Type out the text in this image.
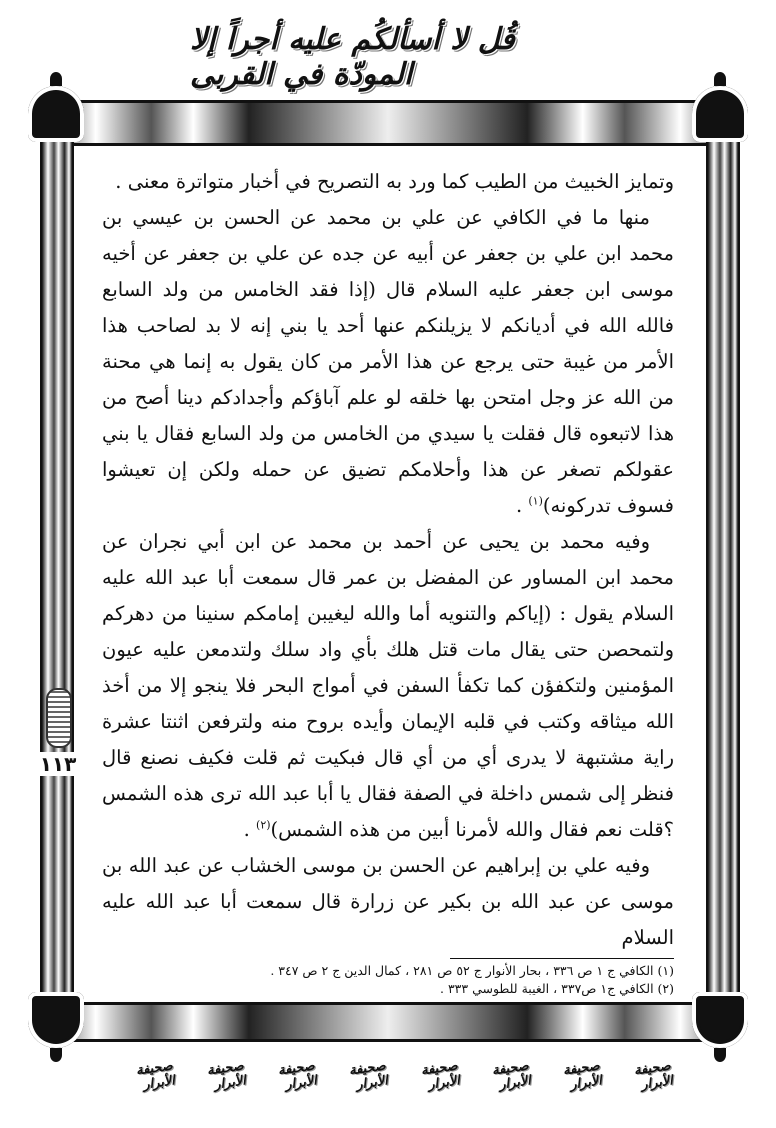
قُل لا أسألكُم عليه أجراً إلا المودّة في القربى
١١٣

وتمايز الخبيث من الطيب كما ورد به التصريح في أخبار متواترة معنى .

منها ما في الكافي عن علي بن محمد عن الحسن بن عيسي بن محمد ابن علي بن جعفر عن أبيه عن جده عن علي بن جعفر عن أخيه موسى ابن جعفر عليه السلام قال (إذا فقد الخامس من ولد السابع فالله الله في أديانكم لا يزيلنكم عنها أحد يا بني إنه لا بد لصاحب هذا الأمر من غيبة حتى يرجع عن هذا الأمر من كان يقول به إنما هي محنة من الله عز وجل امتحن بها خلقه لو علم آباؤكم وأجدادكم دينا أصح من هذا لاتبعوه قال فقلت يا سيدي من الخامس من ولد السابع فقال يا بني عقولكم تصغر عن هذا وأحلامكم تضيق عن حمله ولكن إن تعيشوا فسوف تدركونه)$^{(١)}$ .

وفيه محمد بن يحيى عن أحمد بن محمد عن ابن أبي نجران عن محمد ابن المساور عن المفضل بن عمر قال سمعت أبا عبد الله عليه السلام يقول : (إياكم والتنويه أما والله ليغيبن إمامكم سنينا من دهركم ولتمحصن حتى يقال مات قتل هلك بأي واد سلك ولتدمعن عليه عيون المؤمنين ولتكفؤن كما تكفأ السفن في أمواج البحر فلا ينجو إلا من أخذ الله ميثاقه وكتب في قلبه الإيمان وأيده بروح منه ولترفعن اثنتا عشرة راية مشتبهة لا يدرى أي من أي قال فبكيت ثم قلت فكيف نصنع قال فنظر إلى شمس داخلة في الصفة فقال يا أبا عبد الله ترى هذه الشمس ؟قلت نعم فقال والله لأمرنا أبين من هذه الشمس)$^{(٢)}$ .

وفيه علي بن إبراهيم عن الحسن بن موسى الخشاب عن عبد الله بن موسى عن عبد الله بن بكير عن زرارة قال سمعت أبا عبد الله عليه السلام

(١) الكافي ج ١ ص ٣٣٦ ، بحار الأنوار ج ٥٢ ص ٢٨١ ، كمال الدين ج ٢ ص ٣٤٧ .
(٢) الكافي ج١ ص٣٣٧ ، الغيبة للطوسي ٣٣٣ .
صحيفة الأبرار
صحيفة الأبرار
صحيفة الأبرار
صحيفة الأبرار
صحيفة الأبرار
صحيفة الأبرار
صحيفة الأبرار
صحيفة الأبرار
